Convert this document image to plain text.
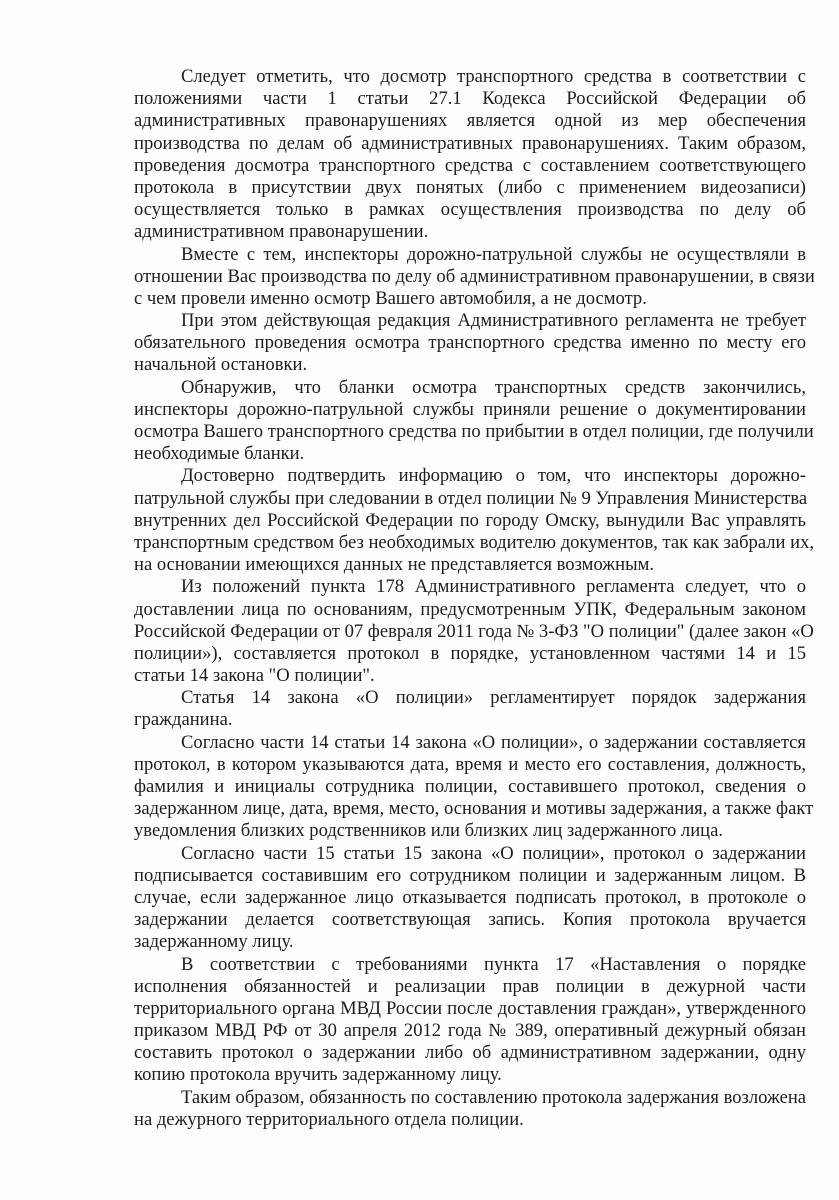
Следует отметить, что досмотр транспортного средства в соответствии с
положениями части 1 статьи 27.1 Кодекса Российской Федерации об
административных правонарушениях является одной из мер обеспечения
производства по делам об административных правонарушениях. Таким образом,
проведения досмотра транспортного средства с составлением соответствующего
протокола в присутствии двух понятых (либо с применением видеозаписи)
осуществляется только в рамках осуществления производства по делу об
административном правонарушении.
Вместе с тем, инспекторы дорожно-патрульной службы не осуществляли в
отношении Вас производства по делу об административном правонарушении, в связи
с чем провели именно осмотр Вашего автомобиля, а не досмотр.
При этом действующая редакция Административного регламента не требует
обязательного проведения осмотра транспортного средства именно по месту его
начальной остановки.
Обнаружив, что бланки осмотра транспортных средств закончились,
инспекторы дорожно-патрульной службы приняли решение о документировании
осмотра Вашего транспортного средства по прибытии в отдел полиции, где получили
необходимые бланки.
Достоверно подтвердить информацию о том, что инспекторы дорожно-
патрульной службы при следовании в отдел полиции № 9 Управления Министерства
внутренних дел Российской Федерации по городу Омску, вынудили Вас управлять
транспортным средством без необходимых водителю документов, так как забрали их,
на основании имеющихся данных не представляется возможным.
Из положений пункта 178 Административного регламента следует, что о
доставлении лица по основаниям, предусмотренным УПК, Федеральным законом
Российской Федерации от 07 февраля 2011 года № 3-ФЗ "О полиции" (далее закон «О
полиции»), составляется протокол в порядке, установленном частями 14 и 15
статьи 14 закона "О полиции".
Статья 14 закона «О полиции» регламентирует порядок задержания
гражданина.
Согласно части 14 статьи 14 закона «О полиции», о задержании составляется
протокол, в котором указываются дата, время и место его составления, должность,
фамилия и инициалы сотрудника полиции, составившего протокол, сведения о
задержанном лице, дата, время, место, основания и мотивы задержания, а также факт
уведомления близких родственников или близких лиц задержанного лица.
Согласно части 15 статьи 15 закона «О полиции», протокол о задержании
подписывается составившим его сотрудником полиции и задержанным лицом. В
случае, если задержанное лицо отказывается подписать протокол, в протоколе о
задержании делается соответствующая запись. Копия протокола вручается
задержанному лицу.
В соответствии с требованиями пункта 17 «Наставления о порядке
исполнения обязанностей и реализации прав полиции в дежурной части
территориального органа МВД России после доставления граждан», утвержденного
приказом МВД РФ от 30 апреля 2012 года № 389, оперативный дежурный обязан
составить протокол о задержании либо об административном задержании, одну
копию протокола вручить задержанному лицу.
Таким образом, обязанность по составлению протокола задержания возложена
на дежурного территориального отдела полиции.
